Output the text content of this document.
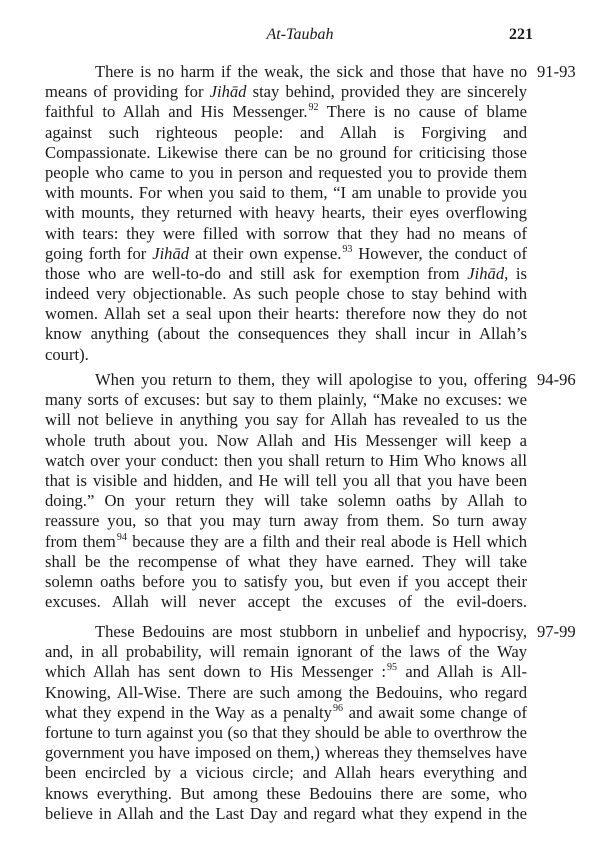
At-Taubah	221
There is no harm if the weak, the sick and those that have no
means of providing for Jihād stay behind, provided they are sincerely
faithful to Allah and His Messenger.$^{92}$ There is no cause of blame
against such righteous people: and Allah is Forgiving and
Compassionate. Likewise there can be no ground for criticising those
people who came to you in person and requested you to provide them
with mounts. For when you said to them, “I am unable to provide you
with mounts, they returned with heavy hearts, their eyes overflowing
with tears: they were filled with sorrow that they had no means of
going forth for Jihād at their own expense.$^{93}$ However, the conduct of
those who are well-to-do and still ask for exemption from Jihād, is
indeed very objectionable. As such people chose to stay behind with
women. Allah set a seal upon their hearts: therefore now they do not
know anything (about the consequences they shall incur in Allah’s
court).
91-93
When you return to them, they will apologise to you, offering
many sorts of excuses: but say to them plainly, “Make no excuses: we
will not believe in anything you say for Allah has revealed to us the
whole truth about you. Now Allah and His Messenger will keep a
watch over your conduct: then you shall return to Him Who knows all
that is visible and hidden, and He will tell you all that you have been
doing.” On your return they will take solemn oaths by Allah to
reassure you, so that you may turn away from them. So turn away
from them$^{94}$ because they are a filth and their real abode is Hell which
shall be the recompense of what they have earned. They will take
solemn oaths before you to satisfy you, but even if you accept their
excuses. Allah will never accept the excuses of the evil-doers.
94-96
These Bedouins are most stubborn in unbelief and hypocrisy,
and, in all probability, will remain ignorant of the laws of the Way
which Allah has sent down to His Messenger :$^{95}$ and Allah is All-
Knowing, All-Wise. There are such among the Bedouins, who regard
what they expend in the Way as a penalty$^{96}$ and await some change of
fortune to turn against you (so that they should be able to overthrow the
government you have imposed on them,) whereas they themselves have
been encircled by a vicious circle; and Allah hears everything and
knows everything. But among these Bedouins there are some, who
believe in Allah and the Last Day and regard what they expend in the
97-99
